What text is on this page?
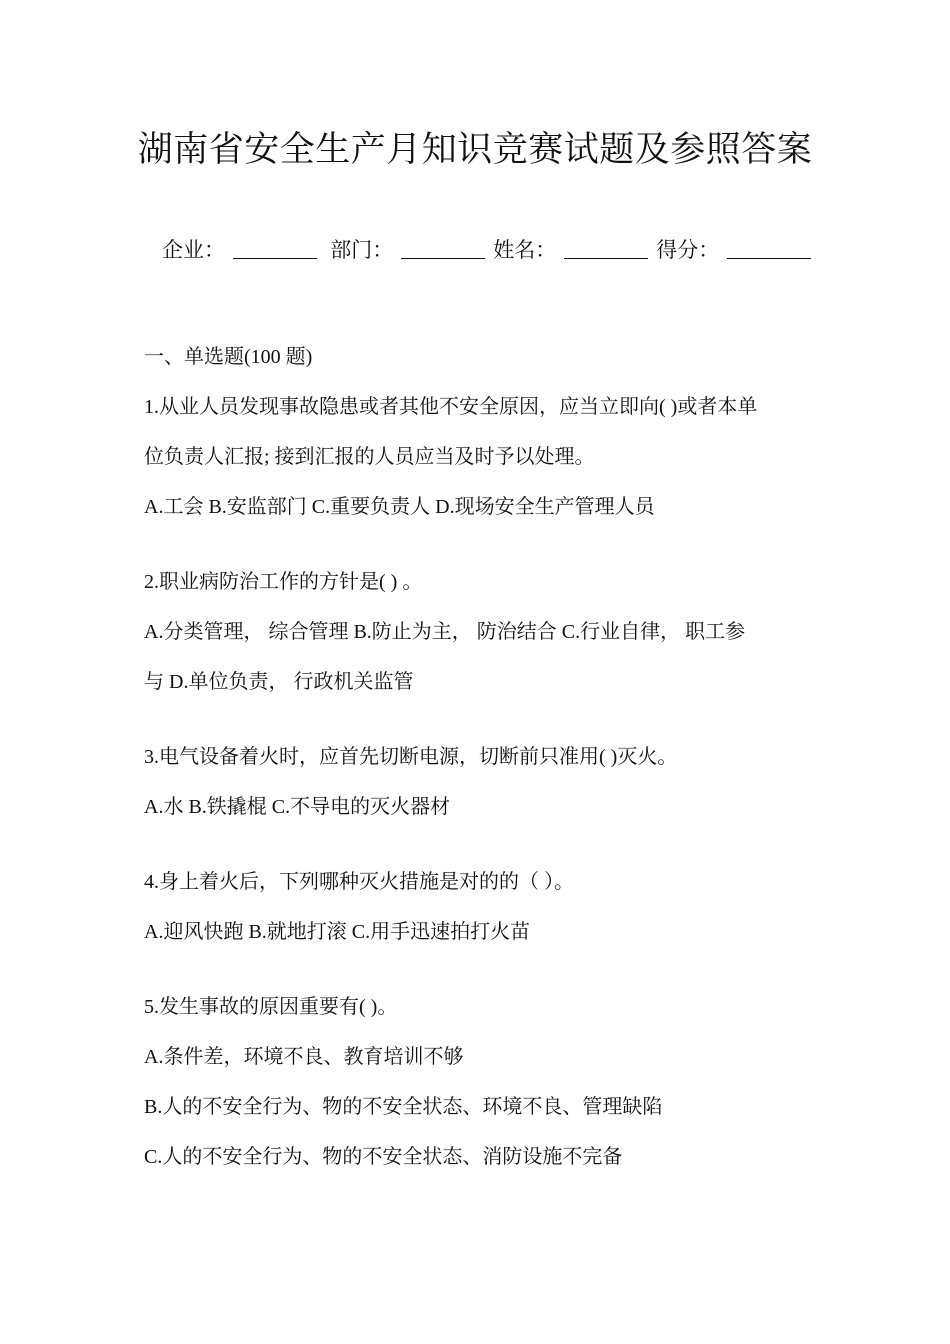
湖南省安全生产月知识竞赛试题及参照答案
企业：	部门：	姓名：	得分：

一、单选题(100 题)

1.从业人员发现事故隐患或者其他不安全原因，应当立即向( )或者本单
位负责人汇报; 接到汇报的人员应当及时予以处理。
A.工会 B.安监部门 C.重要负责人 D.现场安全生产管理人员
2.职业病防治工作的方针是( ) 。
A.分类管理， 综合管理 B.防止为主， 防治结合 C.行业自律， 职工参
与 D.单位负责， 行政机关监管
3.电气设备着火时，应首先切断电源，切断前只准用( )灭火。
A.水 B.铁撬棍 C.不导电的灭火器材
4.身上着火后，下列哪种灭火措施是对的的（ ）。
A.迎风快跑 B.就地打滚 C.用手迅速拍打火苗
5.发生事故的原因重要有( )。
A.条件差，环境不良、教育培训不够
B.人的不安全行为、物的不安全状态、环境不良、管理缺陷
C.人的不安全行为、物的不安全状态、消防设施不完备
